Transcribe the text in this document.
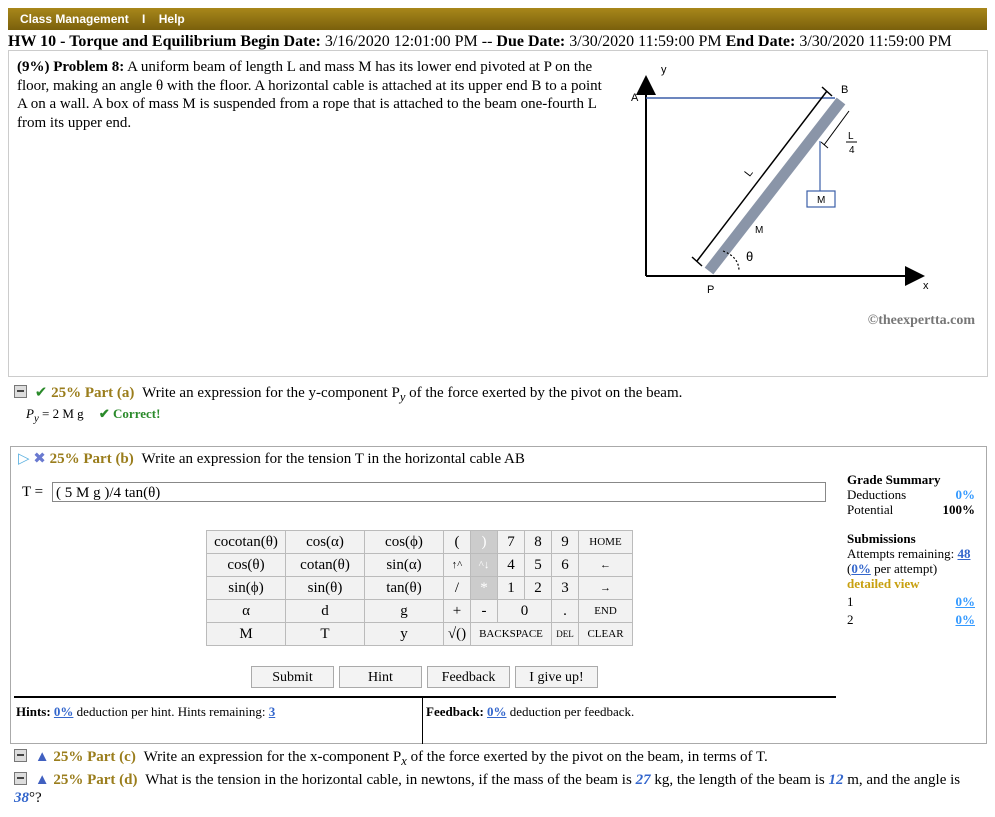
Class Management I Help
HW 10 - Torque and Equilibrium Begin Date: 3/16/2020 12:01:00 PM -- Due Date: 3/30/2020 11:59:00 PM End Date: 3/30/2020 11:59:00 PM
(9%) Problem 8: A uniform beam of length L and mass M has its lower end pivoted at P on the floor, making an angle θ with the floor. A horizontal cable is attached at its upper end B to a point A on a wall. A box of mass M is suspended from a rope that is attached to the beam one-fourth L from its upper end.
y
x
A
B
P
L
L
4
M
M
θ
©theexpertta.com
✔ 25% Part (a) Write an expression for the y-component $P_y$ of the force exerted by the pivot on the beam.
$P_y = 2$ M g ✔ Correct!
▷ ✖ 25% Part (b) Write an expression for the tension T in the horizontal cable AB
T = ( 5 M g )/4 tan(θ)
cocotan(θ)	cos(α)	cos(ϕ)	(	)	7	8	9	HOME
cos(θ)	cotan(θ)	sin(α)	↑^	^↓	4	5	6	←
sin(ϕ)	sin(θ)	tan(θ)	/	*	1	2	3	→
α	d	g	+	-	0		.	END
M	T	y	√()	BACKSPACE			DEL	CLEAR
Submit	Hint	Feedback	I give up!
Hints: 0% deduction per hint. Hints remaining: 3	Feedback: 0% deduction per feedback.
Grade Summary
Deductions	0%
Potential	100%
Submissions
Attempts remaining: 48
(0% per attempt)
detailed view
1	0%
2	0%
▲ 25% Part (c) Write an expression for the x-component $P_x$ of the force exerted by the pivot on the beam, in terms of T.
▲ 25% Part (d) What is the tension in the horizontal cable, in newtons, if the mass of the beam is 27 kg, the length of the beam is 12 m, and the angle is 38°?
